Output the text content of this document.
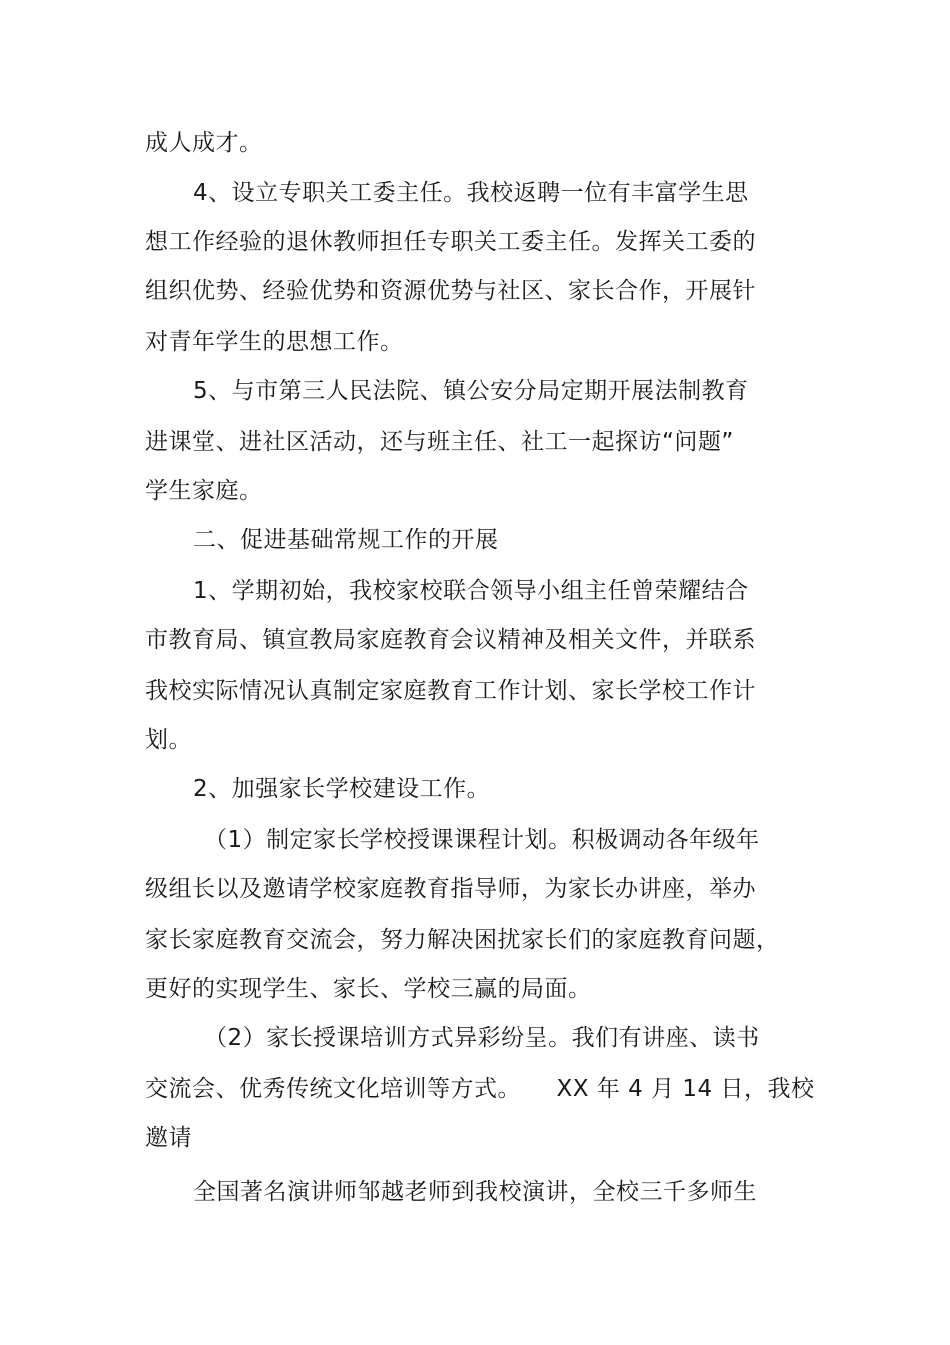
成人成才。
4、设立专职关工委主任。我校返聘一位有丰富学生思
想工作经验的退休教师担任专职关工委主任。发挥关工委的
组织优势、经验优势和资源优势与社区、家长合作，开展针
对青年学生的思想工作。
5、与市第三人民法院、镇公安分局定期开展法制教育
进课堂、进社区活动，还与班主任、社工一起探访“问题”
学生家庭。
二、促进基础常规工作的开展
1、学期初始，我校家校联合领导小组主任曾荣耀结合
市教育局、镇宣教局家庭教育会议精神及相关文件，并联系
我校实际情况认真制定家庭教育工作计划、家长学校工作计
划。
2、加强家长学校建设工作。
（1）制定家长学校授课课程计划。积极调动各年级年
级组长以及邀请学校家庭教育指导师，为家长办讲座，举办
家长家庭教育交流会，努力解决困扰家长们的家庭教育问题，
更好的实现学生、家长、学校三赢的局面。
（2）家长授课培训方式异彩纷呈。我们有讲座、读书
交流会、优秀传统文化培训等方式。　　XX 年 4 月 14 日，我校
邀请
全国著名演讲师邹越老师到我校演讲，全校三千多师生
